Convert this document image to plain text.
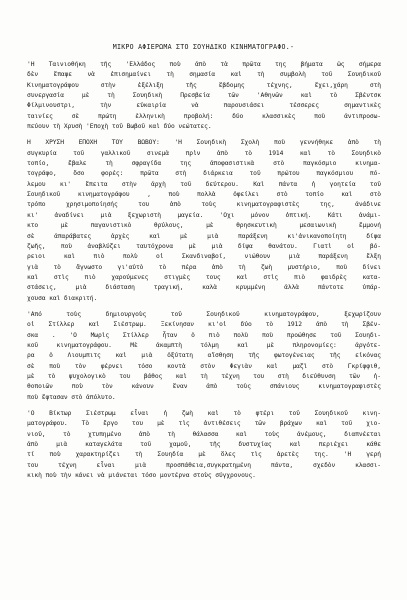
ΜΙΚΡΟ ΑΦΙΕΡΩΜΑ ΣΤΟ ΣΟΥΗΔΙΚΟ ΚΙΝΗΜΑΤΟΓΡΑΦΟ.-
'Η Ταινιοθήκη τῆς 'Ελλάδος ποὺ ἀπὸ τὰ πρῶτα της βήματα ὡς σήμερα
δὲν ἔπαψε νὰ ἐπισημαίνει τὴ σημασία καὶ τὴ συμβολὴ τοῦ Σουηδικοῦ
Κινηματογράφου στὴν ἐξέλιξη τῆς ἕβδομης τέχνης, ἔχει,χάρη στὴ
συνεργασία μὲ τὴ Σουηδικὴ Πρεσβεία τῶν 'Αθηνῶν καὶ τὸ Σβέντσκ
Φίλμινουστρι, τὴν εὐκαιρία νὰ παρουσιάσει τέσσερες σημαντικὲς
ταινίες σὲ πρώτη ἑλληνικὴ προβολή: δύο κλασσικὲς ποὺ ἀντιπροσω-
πεύουν τὴ Χρυσὴ 'Εποχὴ τοῦ Βωβοῦ καὶ δύο νεώτατες.
Η ΧΡΥΣΗ ΕΠΟΧΗ ΤΟΥ ΒΩΒΟΥ: 'Η Σουηδικὴ Σχολὴ ποὺ γεννήθηκε ἀπὸ τὴ
συγκυρία τοῦ γαλλικοῦ σινεμὰ πρὶν ἀπὸ τὸ 1914 καὶ τὸ Σουηδικὸ
τοπίο, ἔβαλε τὴ σφραγίδα της ἀποφασιστικὰ στὸ παγκόσμιο κινημα-
τογράφο, ὅσο φορές: πρῶτα στὴ διάρκεια τοῦ πρώτου παγκόσμιου πό-
λεμου κι' ἔπειτα στὴν ἀρχὴ τοῦ δεύτερου. Καὶ πάντα ἡ γοητεία τοῦ
Σουηδικοῦ κινηματογράφου , ποὺ πολλὰ ὀφείλει στὸ τοπίο καὶ στὸ
τρόπο χρησιμοποίησής του ἀπὸ τοὺς κινηματογραφιστὲς της, ἀνάδινε
κι' ἀναδίνει μιὰ ξεχωριστὴ μαγεία. 'Οχι μόνον ὀπτική. Κάτι ἀνάμι-
κτο μὲ παγανιστικὸ θρύλους, μὲ θρησκευτικὴ μεσαιωνικὴ ἔμμονή
σὲ ἀπαράβατες ἀρχὲς καὶ μὲ μιὰ παράξενη κι'ἀνικανοποίητη δίψα
ζωῆς, ποὺ ἀναβλύζει ταυτόχρονα μὲ μιὰ δίψα θανάτου. Γιατὶ οἱ βό-
ρειοι καὶ πιὸ πολὺ οἱ Σκανδιναβοί, νιώθουν μιὰ παράξενη ἕλξη
γιὰ τὸ ἄγνωστο γι'αὐτὸ τὸ πέρα ἀπὸ τὴ ζωὴ μυστήριο, ποὺ δίνει
καὶ στὶς πιὸ χαρούμενες στιγμὲς τους καὶ στὶς πιὸ φαιδρὲς κατα-
στάσεις, μιὰ διάσταση τραγική, καλὰ κρυμμένη ἀλλὰ πάντοτε ὑπάρ-
χουσα καὶ διακριτή.
'Από τοὺς δημιουργοὺς τοῦ Σουηδικοῦ κινηματογράφου, ξεχωρίζουν
οἱ Στίλλερ καὶ Σιέστρωμ. Ξεκίνησαν κι'οἱ δύο τὸ 1912 ἀπὸ τὴ Σβέν-
σκα . 'Ο Μωρὶς Στίλλερ ἦταν ὁ πιὸ πολὺ ποὺ προώθησε τοῦ Σουηδι-
κοῦ κινηματογράφου. Μὲ ἀκαμπτὴ τόλμη καὶ μὲ πληρονομίες: ἀργότε-
ρα ὁ Λιουμπιτς καὶ μιὰ ὀξύτατη αἴσθηση τῆς φωτογένειας τῆς εἰκόνας
σὲ ποὺ τὸν φέρνει τόσο κοντὰ στὸν Φεγιὰν καὶ μαζὶ στὸ Γκρίφφιθ,
μὲ τὸ ψυχολογικὸ του βάθος καὶ τὴ τέχνη του στὴ διεύθυνση τῶν ἠ-
θοποιῶν ποὺ τὸν κάνουν ἕναν ἀπὸ τοὺς σπάνιους κινηματογραφιστὲς
ποὺ ἔφτασαν στὸ ἀπόλυτο.
'Ο Βίκτωρ Σιέστρωμ εἶναι ἡ ζωὴ καὶ τὸ φτέρι τοῦ Σουηδικοῦ κινη-
ματογράφου. Τὸ ἔργο του μὲ τὶς ἀντιθέσεις τῶν βράχων καὶ τοῦ χιο-
νιοῦ, τὸ χτυπημένο ἀπὸ τὴ θάλασσα καὶ τοὺς ἀνέμους, διαπνέεται
ἀπὸ μιὰ καταγελάτα τοῦ χαμοῦ, τῆς δυστυχίας καὶ περιέχει κάθε
τί ποὺ χαρακτηρίζει τὴ Σουηδία μὲ ὅλες τὶς ἀρετὲς της. 'Η γερή
του τέχνη εἶναι μιὰ προσπάθεια,συγκρατημένη πάντα, σχεδὸν κλασσι-
κικὴ ποὺ τὴν κάνει νὰ μιάνεται τόσο μοντέρνα στοὺς σύγχρονους.
